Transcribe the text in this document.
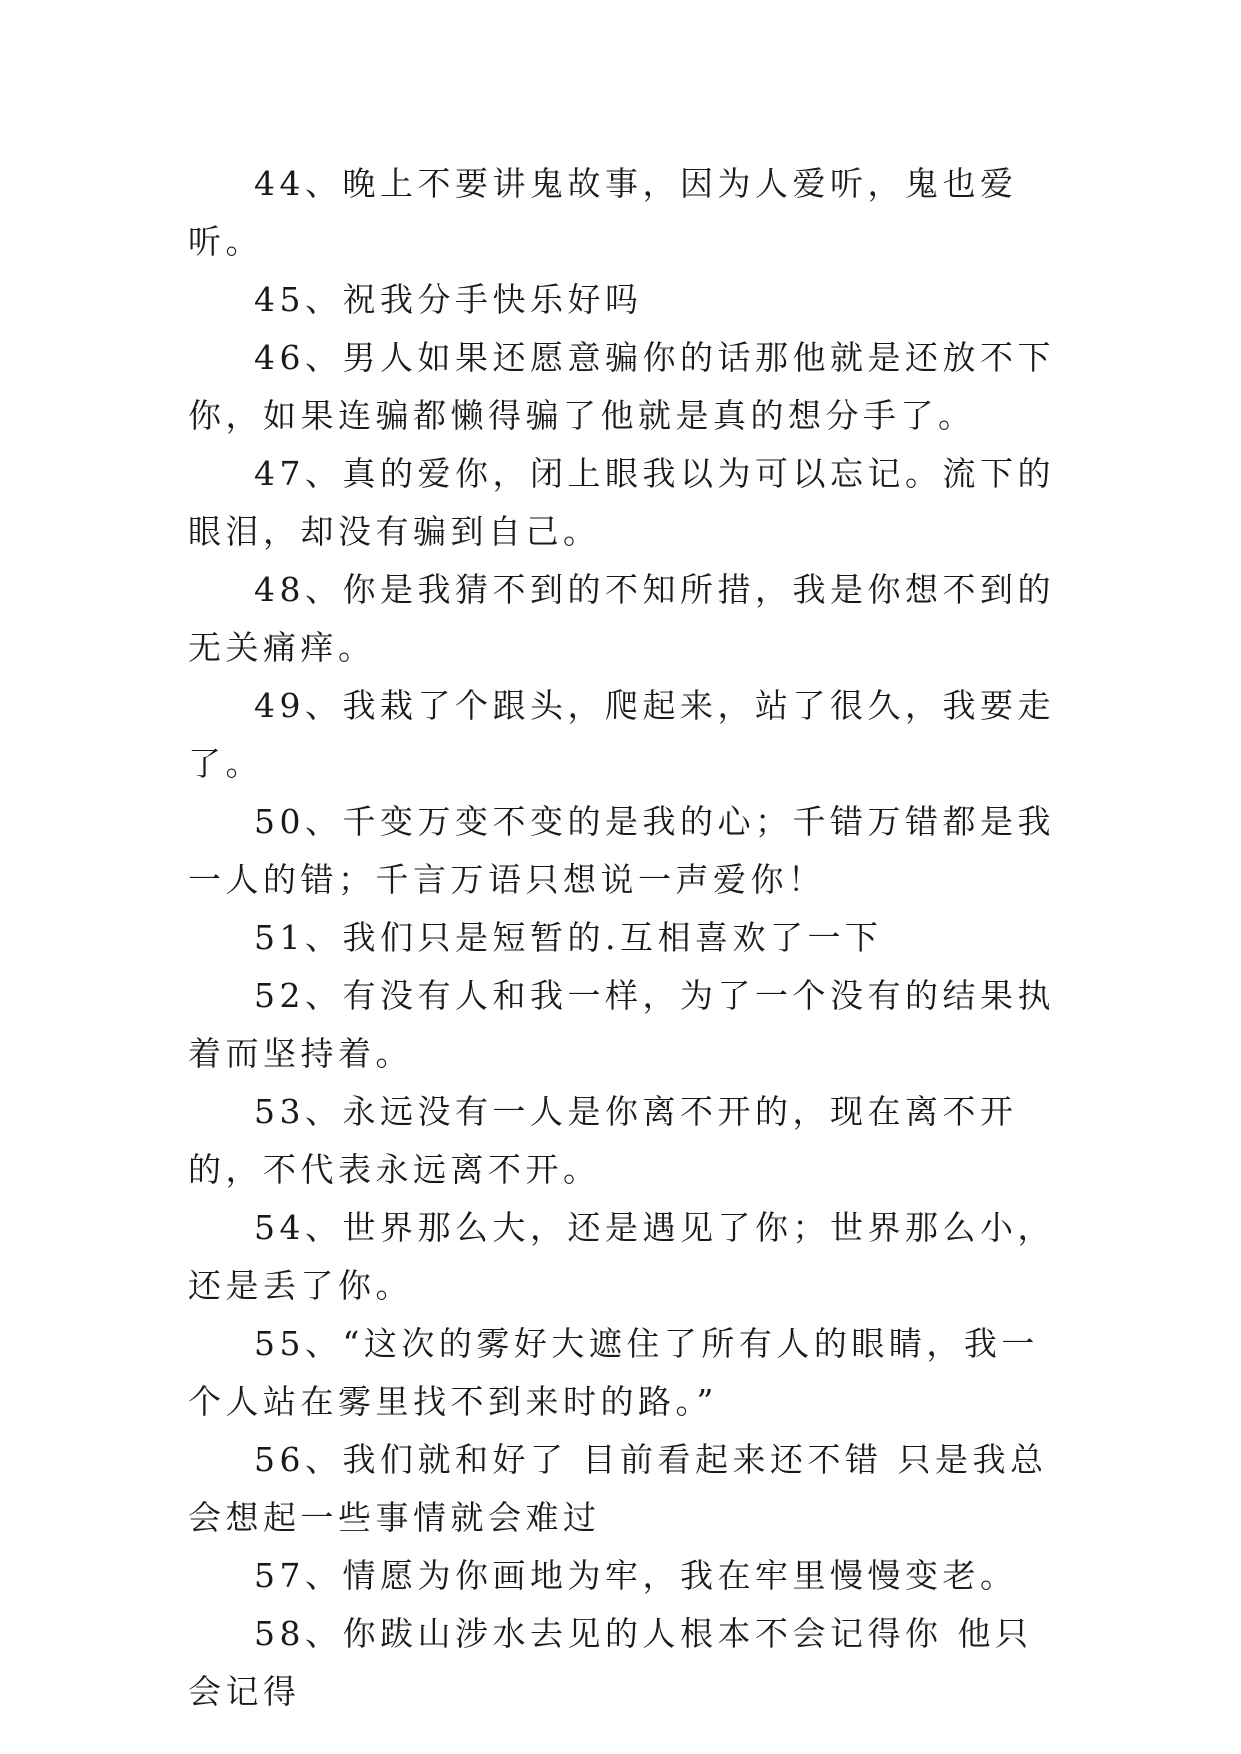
44、晚上不要讲鬼故事，因为人爱听，鬼也爱听。

45、祝我分手快乐好吗

46、男人如果还愿意骗你的话那他就是还放不下你，如果连骗都懒得骗了他就是真的想分手了。

47、真的爱你，闭上眼我以为可以忘记。流下的眼泪，却没有骗到自己。

48、你是我猜不到的不知所措，我是你想不到的无关痛痒。

49、我栽了个跟头，爬起来，站了很久，我要走了。

50、千变万变不变的是我的心；千错万错都是我一人的错；千言万语只想说一声爱你！

51、我们只是短暂的.互相喜欢了一下

52、有没有人和我一样，为了一个没有的结果执着而坚持着。

53、永远没有一人是你离不开的，现在离不开的，不代表永远离不开。

54、世界那么大，还是遇见了你；世界那么小，还是丢了你。

55、“这次的雾好大遮住了所有人的眼睛，我一个人站在雾里找不到来时的路。”

56、我们就和好了 目前看起来还不错 只是我总会想起一些事情就会难过

57、情愿为你画地为牢，我在牢里慢慢变老。

58、你跋山涉水去见的人根本不会记得你 他只会记得
